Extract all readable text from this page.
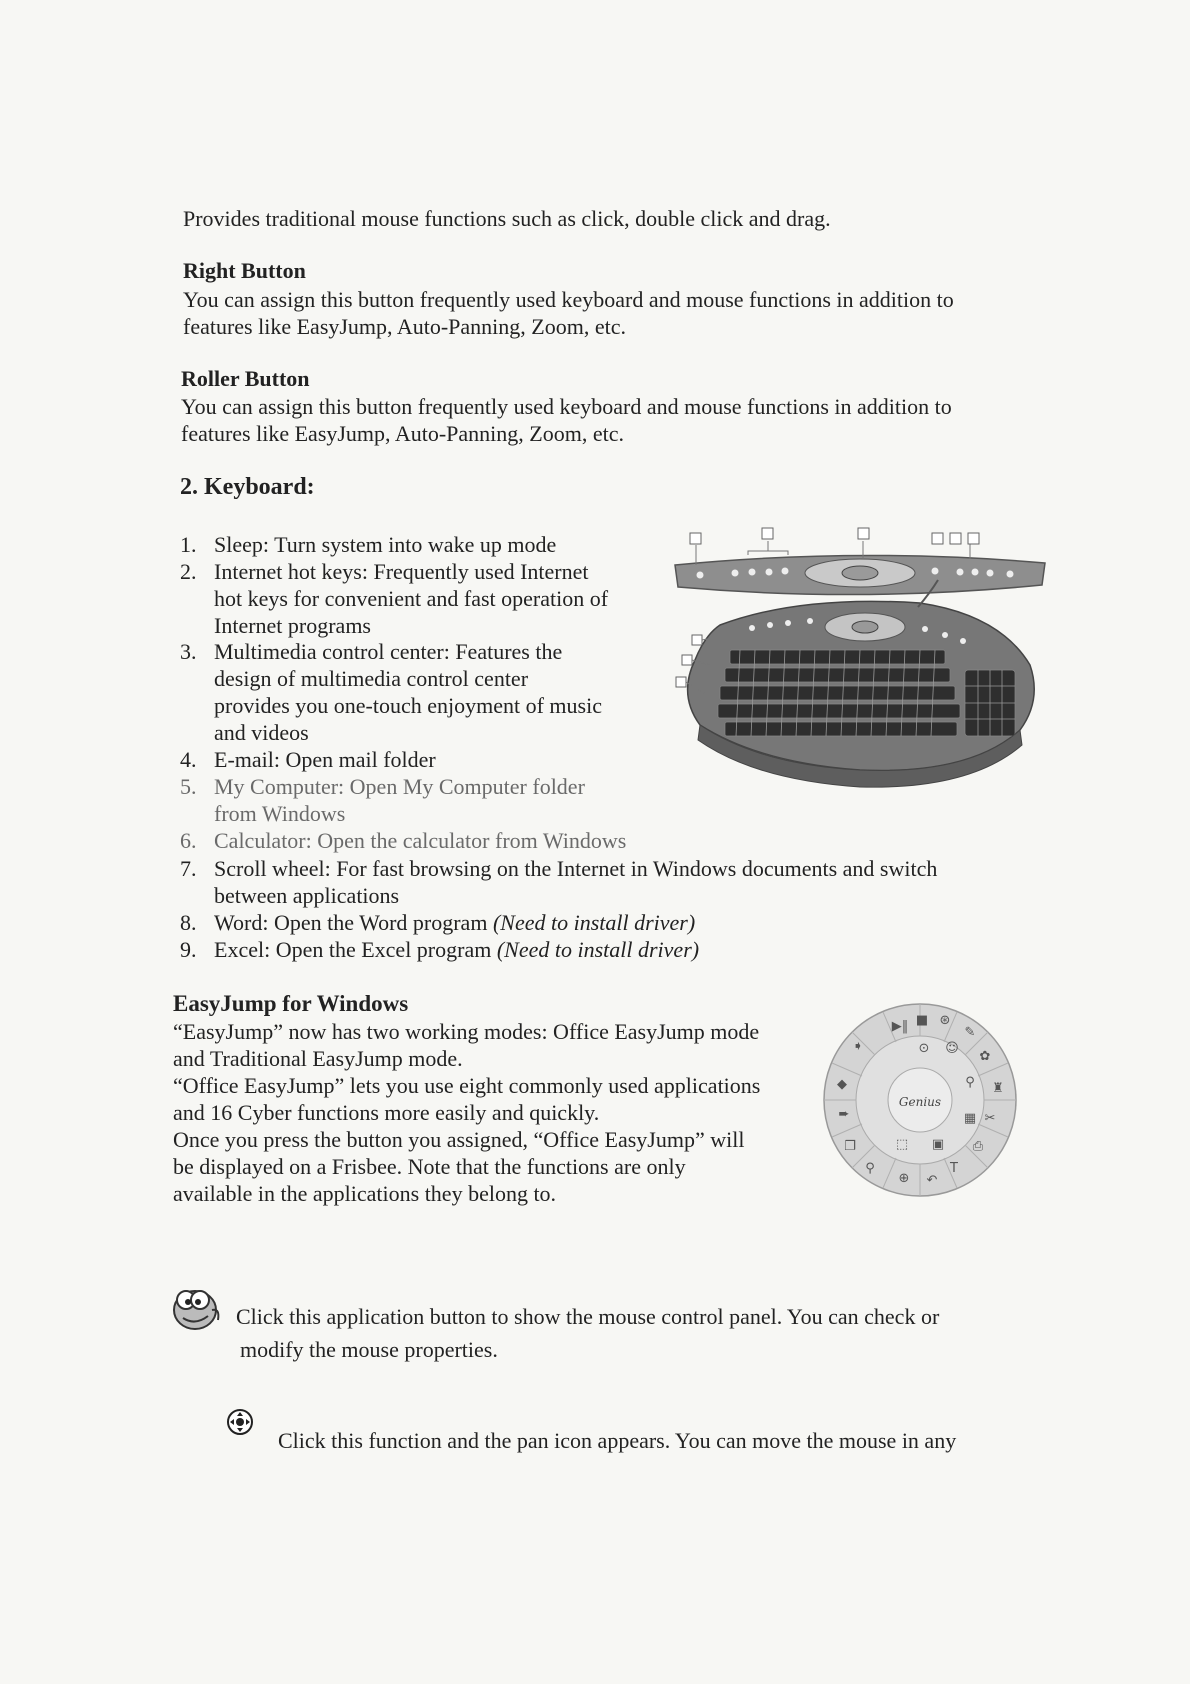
Provides traditional mouse functions such as click, double click and drag.
Right Button
You can assign this button frequently used keyboard and mouse functions in addition to
features like EasyJump, Auto-Panning, Zoom, etc.
Roller Button
You can assign this button frequently used keyboard and mouse functions in addition to
features like EasyJump, Auto-Panning, Zoom, etc.
2. Keyboard:
1. Sleep: Turn system into wake up mode
2. Internet hot keys: Frequently used Internet
hot keys for convenient and fast operation of
Internet programs
3. Multimedia control center: Features the
design of multimedia control center
provides you one-touch enjoyment of music
and videos
4. E-mail: Open mail folder
5. My Computer: Open My Computer folder
from Windows
6. Calculator: Open the calculator from Windows
7. Scroll wheel: For fast browsing on the Internet in Windows documents and switch
between applications
8. Word: Open the Word program (Need to install driver)
9. Excel: Open the Excel program (Need to install driver)
EasyJump for Windows
“EasyJump” now has two working modes: Office EasyJump mode
and Traditional EasyJump mode.
“Office EasyJump” lets you use eight commonly used applications
and 16 Cyber functions more easily and quickly.
Once you press the button you assigned, “Office EasyJump” will
be displayed on a Frisbee. Note that the functions are only
available in the applications they belong to.
▶‖ ■ ⊛
✎
➧	⊙ ☺
✿
◆	⚲ ♜
➨	✂
▦
❐	⬚ ▣ ⎙
⚲
⊕ ↶
T
Genius
Click this application button to show the mouse control panel. You can check or
modify the mouse properties.
Click this function and the pan icon appears. You can move the mouse in any
